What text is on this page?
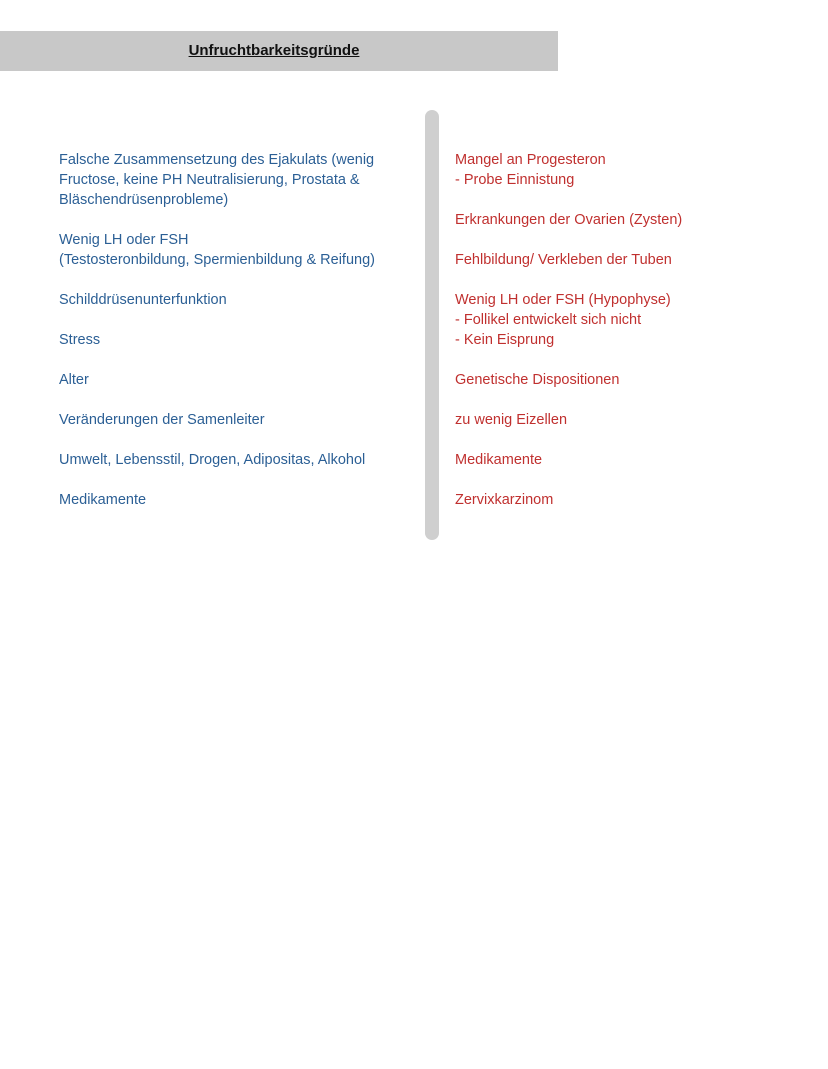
Unfruchtbarkeitsgründe
Falsche Zusammensetzung des Ejakulats (wenig
Fructose, keine PH Neutralisierung, Prostata &
Bläschendrüsenprobleme)
Wenig LH oder FSH
(Testosteronbildung, Spermienbildung & Reifung)
Schilddrüsenunterfunktion
Stress
Alter
Veränderungen der Samenleiter
Umwelt, Lebensstil, Drogen, Adipositas, Alkohol
Medikamente
Mangel an Progesteron
- Probe Einnistung
Erkrankungen der Ovarien (Zysten)
Fehlbildung/ Verkleben der Tuben
Wenig LH oder FSH (Hypophyse)
- Follikel entwickelt sich nicht
- Kein Eisprung
Genetische Dispositionen
zu wenig Eizellen
Medikamente
Zervixkarzinom
